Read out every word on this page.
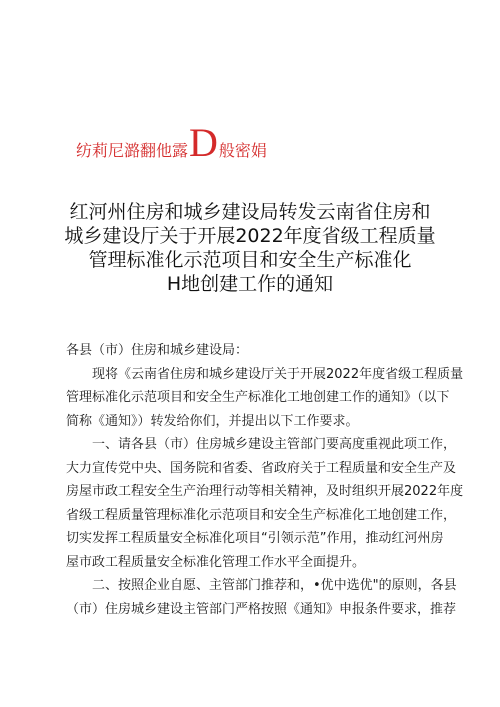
纺莉尼潞翻他露D般密娟
红河州住房和城乡建设局转发云南省住房和
城乡建设厅关于开展2022年度省级工程质量
管理标准化示范项目和安全生产标准化
H地创建工作的通知
各县（市）住房和城乡建设局：
现将《云南省住房和城乡建设厅关于开展2022年度省级工程质量
管理标准化示范项目和安全生产标准化工地创建工作的通知》（以下
简称《通知》）转发给你们，并提出以下工作要求。
一、请各县（市）住房城乡建设主管部门要高度重视此项工作，
大力宣传党中央、国务院和省委、省政府关于工程质量和安全生产及
房屋市政工程安全生产治理行动等相关精神，及时组织开展2022年度
省级工程质量管理标准化示范项目和安全生产标准化工地创建工作，
切实发挥工程质量安全标准化项目“引领示范”作用，推动红河州房
屋市政工程质量安全标准化管理工作水平全面提升。
二、按照企业自愿、主管部门推荐和，•优中选优"的原则，各县
（市）住房城乡建设主管部门严格按照《通知》申报条件要求，推荐
